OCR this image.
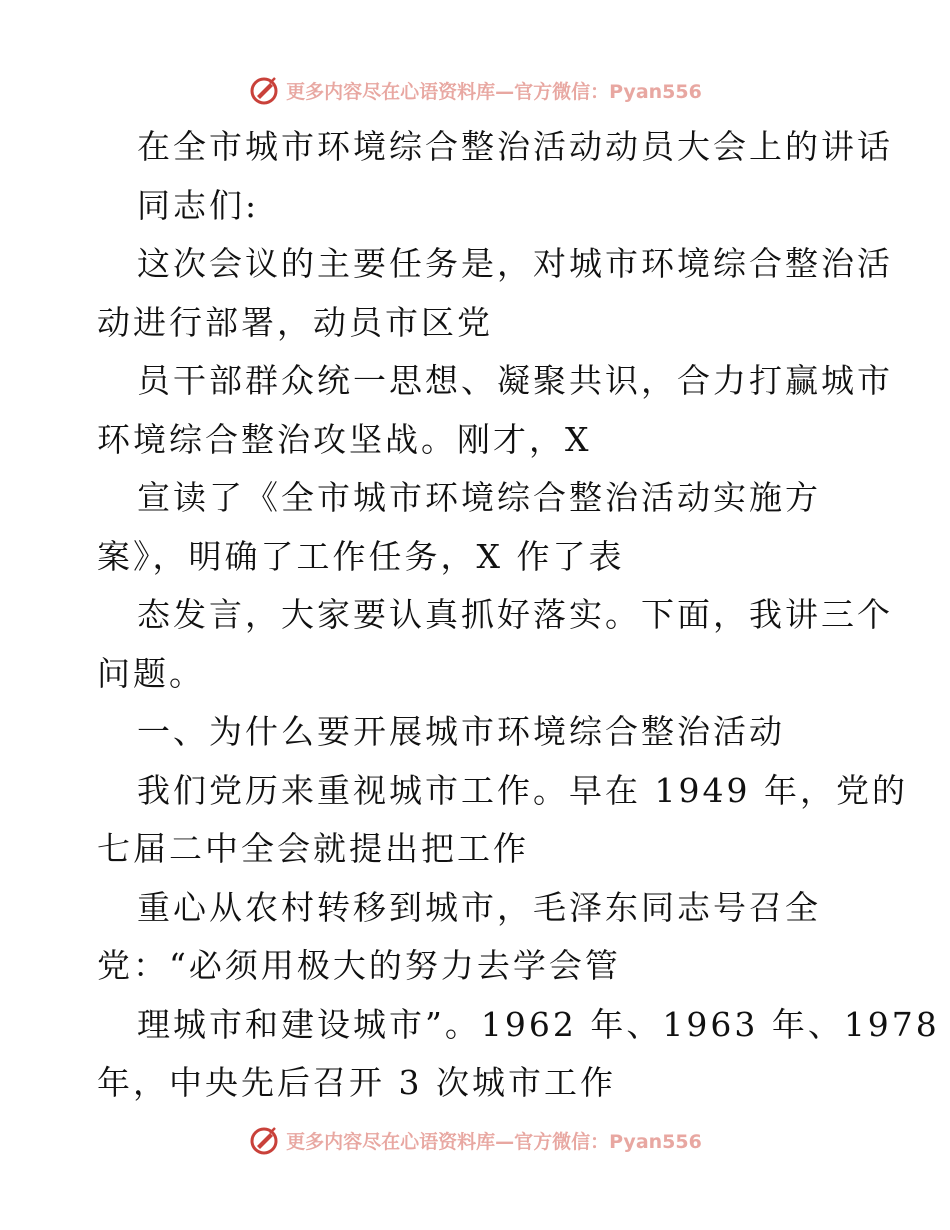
更多内容尽在心语资料库—官方微信：Pyan556
在全市城市环境综合整治活动动员大会上的讲话
同志们:
这次会议的主要任务是，对城市环境综合整治活
动进行部署，动员市区党
员干部群众统一思想、凝聚共识，合力打赢城市
环境综合整治攻坚战。刚才，X
宣读了《全市城市环境综合整治活动实施方
案》，明确了工作任务，X 作了表
态发言，大家要认真抓好落实。下面，我讲三个
问题。
一、为什么要开展城市环境综合整治活动
我们党历来重视城市工作。早在 1949 年，党的
七届二中全会就提出把工作
重心从农村转移到城市，毛泽东同志号召全
党：“必须用极大的努力去学会管
理城市和建设城市”。1962 年、1963 年、1978
年，中央先后召开 3 次城市工作
更多内容尽在心语资料库—官方微信：Pyan556
